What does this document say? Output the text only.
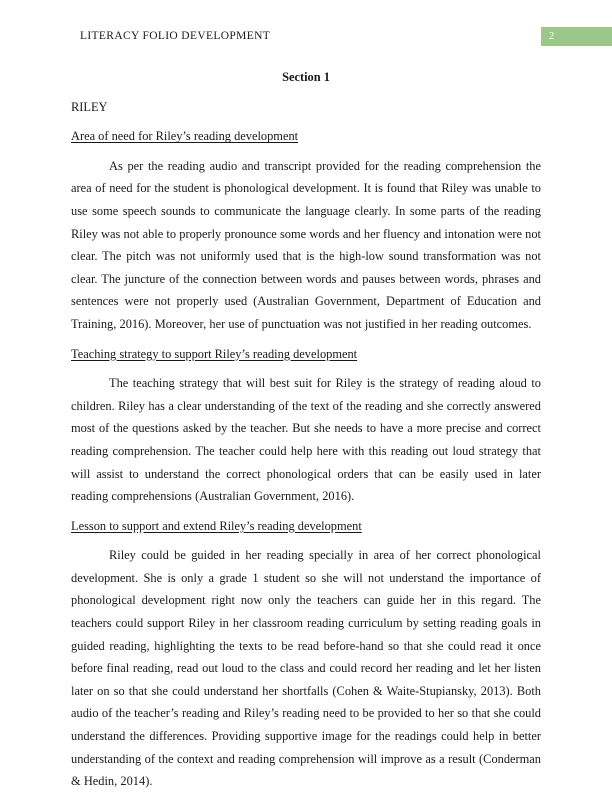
LITERACY FOLIO DEVELOPMENT	2
Section 1
RILEY
Area of need for Riley’s reading development

As per the reading audio and transcript provided for the reading comprehension the area of need for the student is phonological development. It is found that Riley was unable to use some speech sounds to communicate the language clearly. In some parts of the reading Riley was not able to properly pronounce some words and her fluency and intonation were not clear. The pitch was not uniformly used that is the high-low sound transformation was not clear. The juncture of the connection between words and pauses between words, phrases and sentences were not properly used (Australian Government, Department of Education and Training, 2016). Moreover, her use of punctuation was not justified in her reading outcomes.

Teaching strategy to support Riley’s reading development

The teaching strategy that will best suit for Riley is the strategy of reading aloud to children. Riley has a clear understanding of the text of the reading and she correctly answered most of the questions asked by the teacher. But she needs to have a more precise and correct reading comprehension. The teacher could help here with this reading out loud strategy that will assist to understand the correct phonological orders that can be easily used in later reading comprehensions (Australian Government, 2016).

Lesson to support and extend Riley’s reading development

Riley could be guided in her reading specially in area of her correct phonological development. She is only a grade 1 student so she will not understand the importance of phonological development right now only the teachers can guide her in this regard. The teachers could support Riley in her classroom reading curriculum by setting reading goals in guided reading, highlighting the texts to be read before-hand so that she could read it once before final reading, read out loud to the class and could record her reading and let her listen later on so that she could understand her shortfalls (Cohen & Waite-Stupiansky, 2013). Both audio of the teacher’s reading and Riley’s reading need to be provided to her so that she could understand the differences. Providing supportive image for the readings could help in better understanding of the context and reading comprehension will improve as a result (Conderman & Hedin, 2014).
